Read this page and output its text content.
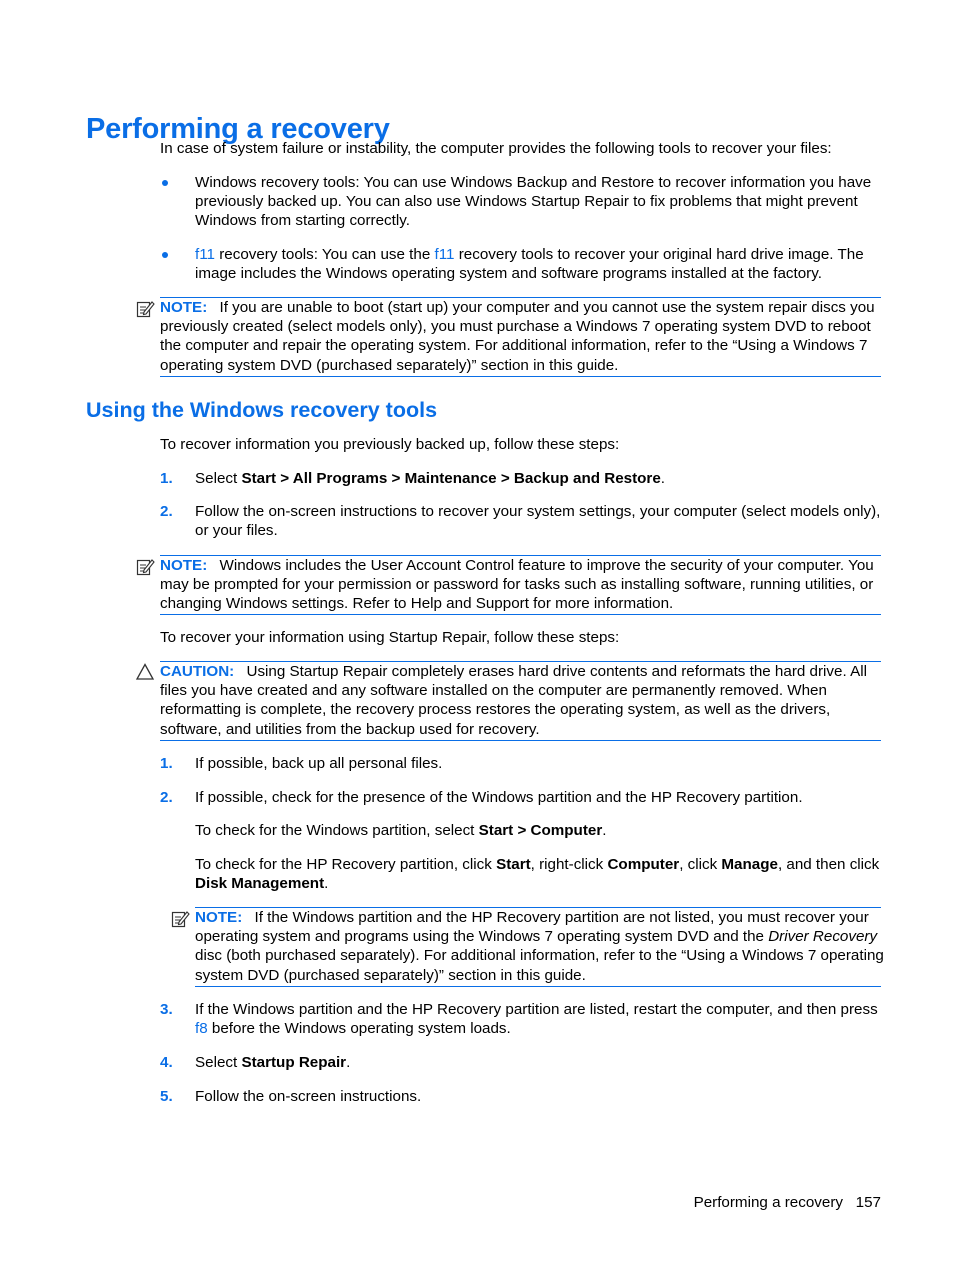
Performing a recovery
In case of system failure or instability, the computer provides the following tools to recover your files:
Windows recovery tools: You can use Windows Backup and Restore to recover information you have previously backed up. You can also use Windows Startup Repair to fix problems that might prevent Windows from starting correctly.
f11 recovery tools: You can use the f11 recovery tools to recover your original hard drive image. The image includes the Windows operating system and software programs installed at the factory.
NOTE: If you are unable to boot (start up) your computer and you cannot use the system repair discs you previously created (select models only), you must purchase a Windows 7 operating system DVD to reboot the computer and repair the operating system. For additional information, refer to the “Using a Windows 7 operating system DVD (purchased separately)” section in this guide.
Using the Windows recovery tools
To recover information you previously backed up, follow these steps:
1. Select Start > All Programs > Maintenance > Backup and Restore.
2. Follow the on-screen instructions to recover your system settings, your computer (select models only), or your files.
NOTE: Windows includes the User Account Control feature to improve the security of your computer. You may be prompted for your permission or password for tasks such as installing software, running utilities, or changing Windows settings. Refer to Help and Support for more information.
To recover your information using Startup Repair, follow these steps:
CAUTION: Using Startup Repair completely erases hard drive contents and reformats the hard drive. All files you have created and any software installed on the computer are permanently removed. When reformatting is complete, the recovery process restores the operating system, as well as the drivers, software, and utilities from the backup used for recovery.
1. If possible, back up all personal files.
2. If possible, check for the presence of the Windows partition and the HP Recovery partition.
To check for the Windows partition, select Start > Computer.
To check for the HP Recovery partition, click Start, right-click Computer, click Manage, and then click Disk Management.
NOTE: If the Windows partition and the HP Recovery partition are not listed, you must recover your operating system and programs using the Windows 7 operating system DVD and the Driver Recovery disc (both purchased separately). For additional information, refer to the “Using a Windows 7 operating system DVD (purchased separately)” section in this guide.
3. If the Windows partition and the HP Recovery partition are listed, restart the computer, and then press f8 before the Windows operating system loads.
4. Select Startup Repair.
5. Follow the on-screen instructions.
Performing a recovery 157
